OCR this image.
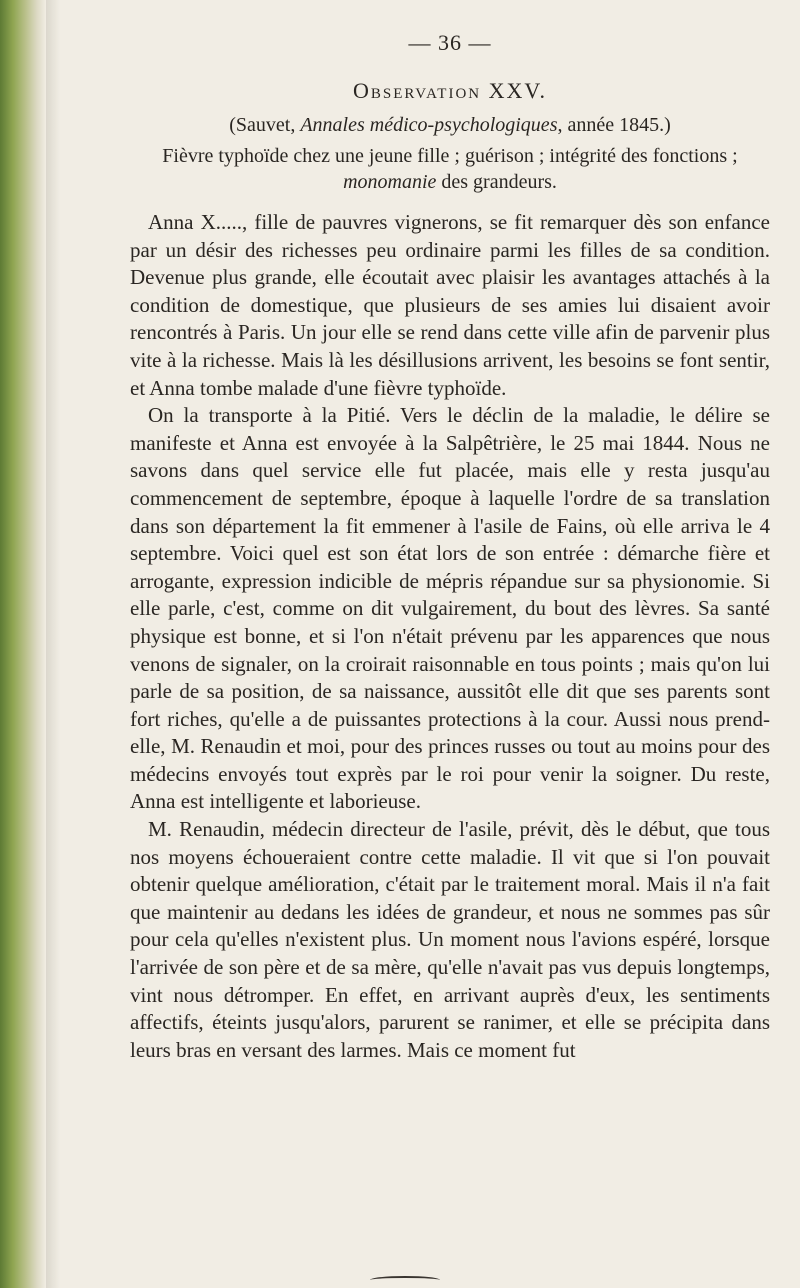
— 36 —
Observation XXV.
(Sauvet, Annales médico-psychologiques, année 1845.)
Fièvre typhoïde chez une jeune fille ; guérison ; intégrité des fonctions ; monomanie des grandeurs.

Anna X....., fille de pauvres vignerons, se fit remarquer dès son enfance par un désir des richesses peu ordinaire parmi les filles de sa condition. Devenue plus grande, elle écoutait avec plaisir les avantages attachés à la condition de domestique, que plusieurs de ses amies lui disaient avoir rencontrés à Paris. Un jour elle se rend dans cette ville afin de parvenir plus vite à la richesse. Mais là les désillusions arrivent, les besoins se font sentir, et Anna tombe malade d'une fièvre typhoïde.

On la transporte à la Pitié. Vers le déclin de la maladie, le délire se manifeste et Anna est envoyée à la Salpêtrière, le 25 mai 1844. Nous ne savons dans quel service elle fut placée, mais elle y resta jusqu'au commencement de septembre, époque à laquelle l'ordre de sa translation dans son département la fit emmener à l'asile de Fains, où elle arriva le 4 septembre. Voici quel est son état lors de son entrée : démarche fière et arrogante, expression indicible de mépris répandue sur sa physionomie. Si elle parle, c'est, comme on dit vulgairement, du bout des lèvres. Sa santé physique est bonne, et si l'on n'était prévenu par les apparences que nous venons de signaler, on la croirait raisonnable en tous points ; mais qu'on lui parle de sa position, de sa naissance, aussitôt elle dit que ses parents sont fort riches, qu'elle a de puissantes protections à la cour. Aussi nous prend-elle, M. Renaudin et moi, pour des princes russes ou tout au moins pour des médecins envoyés tout exprès par le roi pour venir la soigner. Du reste, Anna est intelligente et laborieuse.

M. Renaudin, médecin directeur de l'asile, prévit, dès le début, que tous nos moyens échoueraient contre cette maladie. Il vit que si l'on pouvait obtenir quelque amélioration, c'était par le traitement moral. Mais il n'a fait que maintenir au dedans les idées de grandeur, et nous ne sommes pas sûr pour cela qu'elles n'existent plus. Un moment nous l'avions espéré, lorsque l'arrivée de son père et de sa mère, qu'elle n'avait pas vus depuis longtemps, vint nous détromper. En effet, en arrivant auprès d'eux, les sentiments affectifs, éteints jusqu'alors, parurent se ranimer, et elle se précipita dans leurs bras en versant des larmes. Mais ce moment fut
